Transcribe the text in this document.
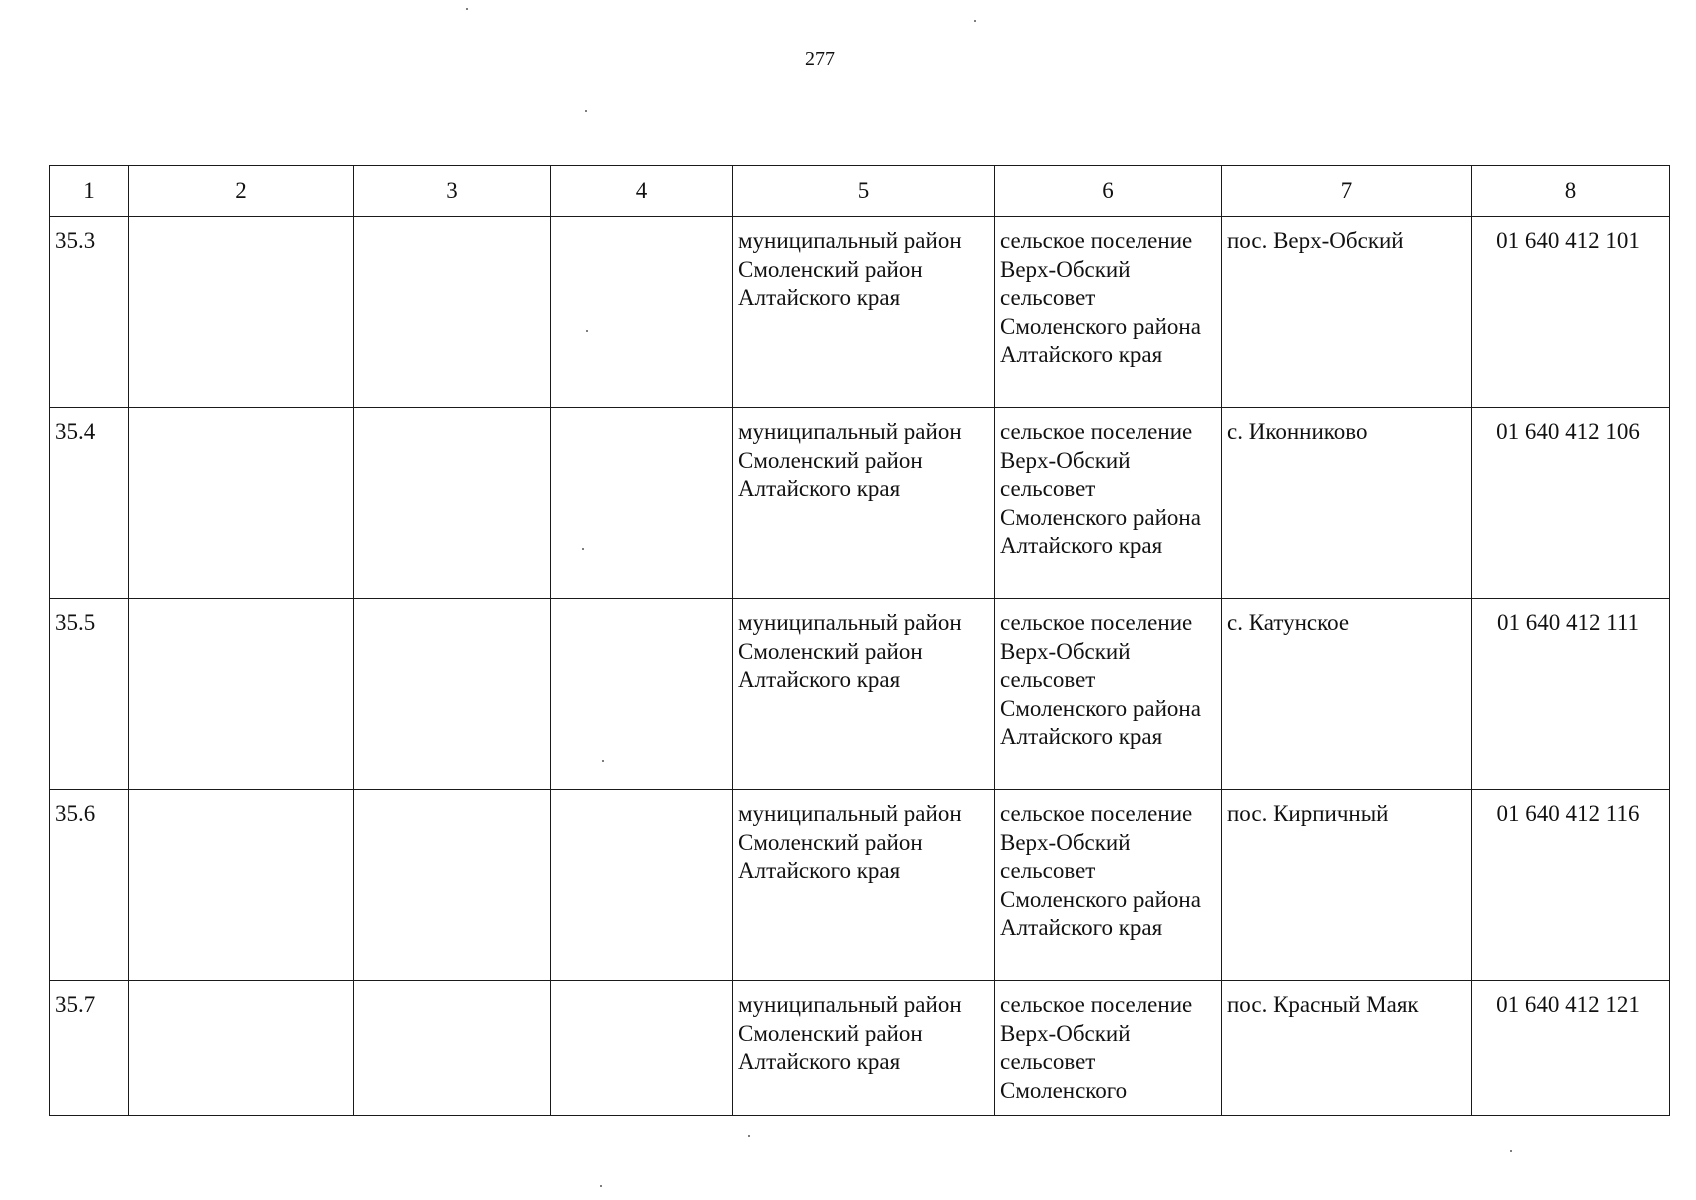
277
1	2	3	4	5	6	7	8

35.3				муниципальный район Смоленский район Алтайского края	сельское поселение Верх-Обский сельсовет Смоленского района Алтайского края	пос. Верх-Обский	01 640 412 101

35.4				муниципальный район Смоленский район Алтайского края	сельское поселение Верх-Обский сельсовет Смоленского района Алтайского края	с. Иконниково	01 640 412 106

35.5				муниципальный район Смоленский район Алтайского края	сельское поселение Верх-Обский сельсовет Смоленского района Алтайского края	с. Катунское	01 640 412 111

35.6				муниципальный район Смоленский район Алтайского края	сельское поселение Верх-Обский сельсовет Смоленского района Алтайского края	пос. Кирпичный	01 640 412 116

35.7				муниципальный район Смоленский район Алтайского края	сельское поселение Верх-Обский сельсовет Смоленского	пос. Красный Маяк	01 640 412 121
